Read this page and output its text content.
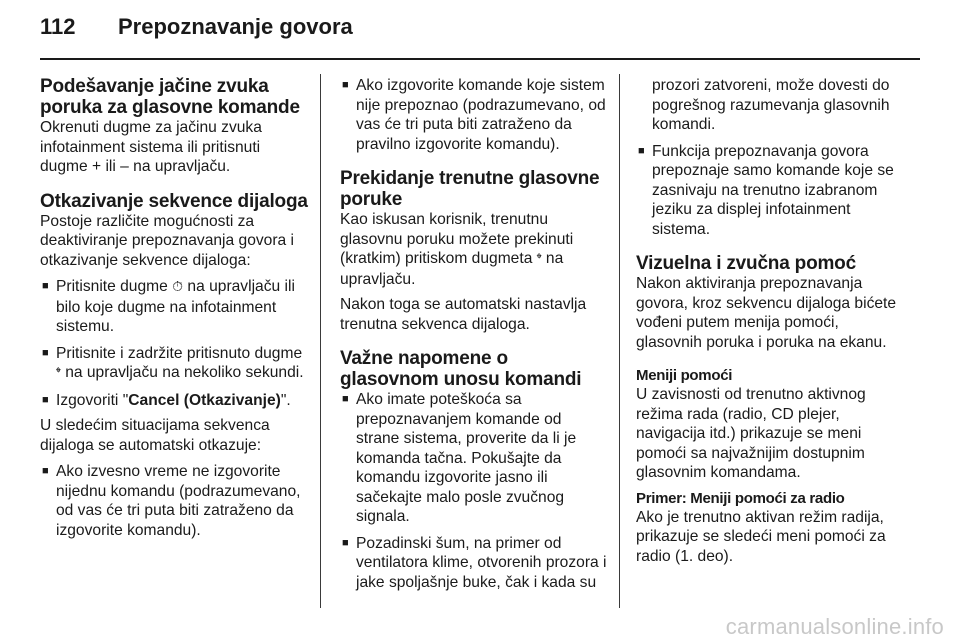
112	Prepoznavanje govora
Podešavanje jačine zvuka poruka za glasovne komande

Okrenuti dugme za jačinu zvuka infotainment sistema ili pritisnuti dugme + ili – na upravljaču.

Otkazivanje sekvence dijaloga

Postoje različite mogućnosti za deaktiviranje prepoznavanja govora i otkazivanje sekvence dijaloga:

■ Pritisnite dugme ⏱ na upravljaču ili bilo koje dugme na infotainment sistemu.
■ Pritisnite i zadržite pritisnuto dugme 𝄌 na upravljaču na nekoliko sekundi.
■ Izgovoriti "Cancel (Otkazivanje)".

U sledećim situacijama sekvenca dijaloga se automatski otkazuje:

■ Ako izvesno vreme ne izgovorite nijednu komandu (podrazumevano, od vas će tri puta biti zatraženo da izgovorite komandu).
■ Ako izgovorite komande koje sistem nije prepoznao (podrazumevano, od vas će tri puta biti zatraženo da pravilno izgovorite komandu).
Prekidanje trenutne glasovne poruke

Kao iskusan korisnik, trenutnu glasovnu poruku možete prekinuti (kratkim) pritiskom dugmeta 𝄌 na upravljaču.

Nakon toga se automatski nastavlja trenutna sekvenca dijaloga.

Važne napomene o glasovnom unosu komandi
■ Ako imate poteškoća sa prepoznavanjem komande od strane sistema, proverite da li je komanda tačna. Pokušajte da komandu izgovorite jasno ili sačekajte malo posle zvučnog signala.
■ Pozadinski šum, na primer od ventilatora klime, otvorenih prozora i jake spoljašnje buke, čak i kada su

prozori zatvoreni, može dovesti do pogrešnog razumevanja glasovnih komandi.

■ Funkcija prepoznavanja govora prepoznaje samo komande koje se zasnivaju na trenutno izabranom jeziku za displej infotainment sistema.
Vizuelna i zvučna pomoć

Nakon aktiviranja prepoznavanja govora, kroz sekvencu dijaloga bićete vođeni putem menija pomoći, glasovnih poruka i poruka na ekanu.

Meniji pomoći

U zavisnosti od trenutno aktivnog režima rada (radio, CD plejer, navigacija itd.) prikazuje se meni pomoći sa najvažnijim dostupnim glasovnim komandama.

Primer: Meniji pomoći za radio

Ako je trenutno aktivan režim radija, prikazuje se sledeći meni pomoći za radio (1. deo).

carmanualsonline.info
